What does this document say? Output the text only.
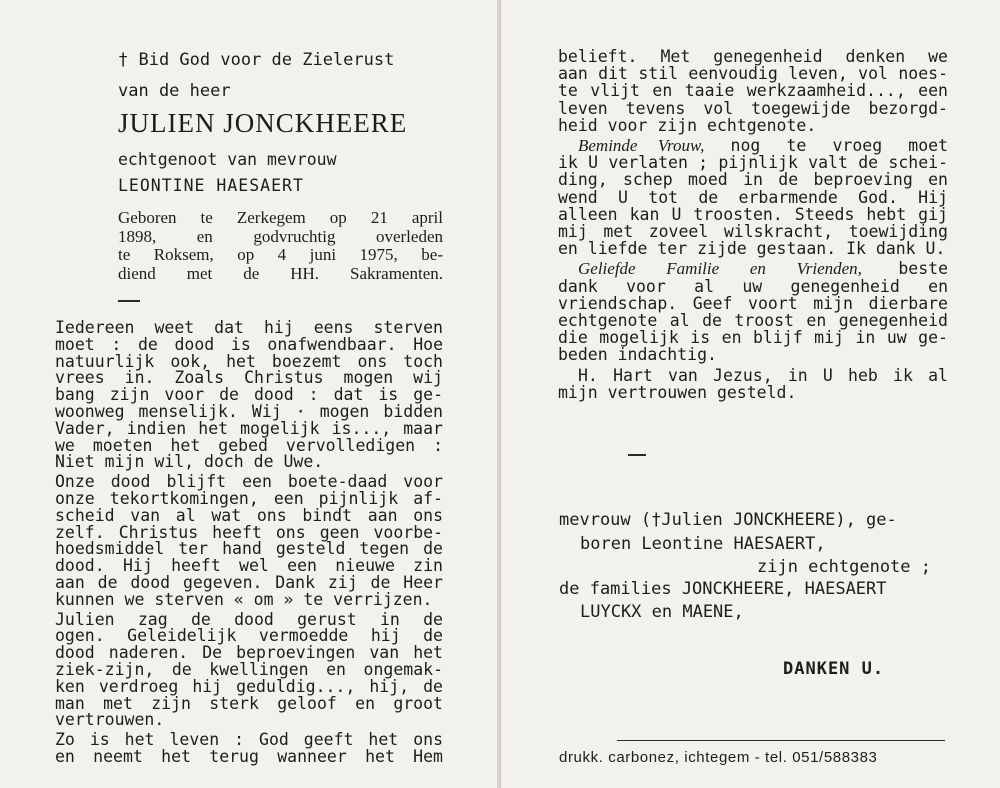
† Bid God voor de Zielerust
van de heer
JULIEN JONCKHEERE
echtgenoot van mevrouw
LEONTINE HAESAERT
Geboren te Zerkegem op 21 april
1898, en godvruchtig overleden
te Roksem, op 4 juni 1975, be-
diend met de HH. Sakramenten.
Iedereen weet dat hij eens sterven
moet : de dood is onafwendbaar. Hoe
natuurlijk ook, het boezemt ons toch
vrees in. Zoals Christus mogen wij
bang zijn voor de dood : dat is ge-
woonweg menselijk. Wij · mogen bidden
Vader, indien het mogelijk is..., maar
we moeten het gebed vervolledigen :
Niet mijn wil, doch de Uwe.
Onze dood blijft een boete-daad voor
onze tekortkomingen, een pijnlijk af-
scheid van al wat ons bindt aan ons
zelf. Christus heeft ons geen voorbe-
hoedsmiddel ter hand gesteld tegen de
dood. Hij heeft wel een nieuwe zin
aan de dood gegeven. Dank zij de Heer
kunnen we sterven « om » te verrijzen.
Julien zag de dood gerust in de
ogen. Geleidelijk vermoedde hij de
dood naderen. De beproevingen van het
ziek-zijn, de kwellingen en ongemak-
ken verdroeg hij geduldig..., hij, de
man met zijn sterk geloof en groot
vertrouwen.
Zo is het leven : God geeft het ons
en neemt het terug wanneer het Hem
belieft. Met genegenheid denken we
aan dit stil eenvoudig leven, vol noes-
te vlijt en taaie werkzaamheid..., een
leven tevens vol toegewijde bezorgd-
heid voor zijn echtgenote.
Beminde Vrouw, nog te vroeg moet
ik U verlaten ; pijnlijk valt de schei-
ding, schep moed in de beproeving en
wend U tot de erbarmende God. Hij
alleen kan U troosten. Steeds hebt gij
mij met zoveel wilskracht, toewijding
en liefde ter zijde gestaan. Ik dank U.
Geliefde Familie en Vrienden, beste
dank voor al uw genegenheid en
vriendschap. Geef voort mijn dierbare
echtgenote al de troost en genegenheid
die mogelijk is en blijf mij in uw ge-
beden indachtig.
H. Hart van Jezus, in U heb ik al
mijn vertrouwen gesteld.
mevrouw (†Julien JONCKHEERE), ge-
boren Leontine HAESAERT,
zijn echtgenote ;
de families JONCKHEERE, HAESAERT
LUYCKX en MAENE,
DANKEN U.
drukk. carbonez, ichtegem - tel. 051/588383
